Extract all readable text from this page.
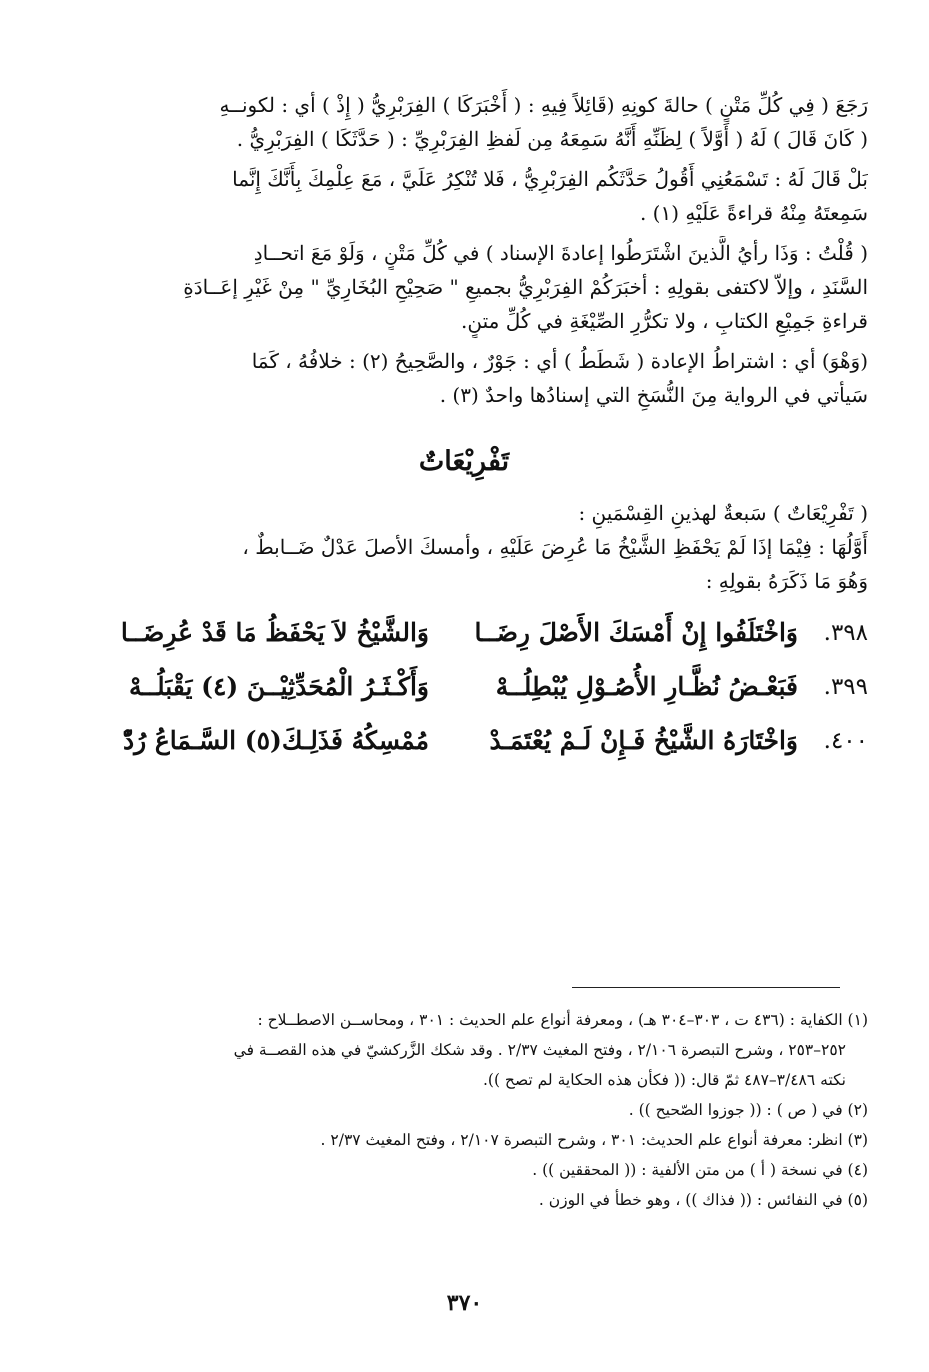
رَجَعَ ( فِي كُلِّ مَتْنٍ ) حالةَ كونِهِ (قَائِلاً فِيهِ : ( أَخْبَرَكَا ) الفِرَبْرِيُّ ( إِذْ ) أي : لكونــهِ

( كَانَ قَالَ ) لَهُ ( أَوَّلاً ) لِظَنِّهِ أَنَّهُ سَمِعَهُ مِن لَفظِ الفِرَبْرِيِّ : ( حَدَّثَكَا ) الفِرَبْرِيُّ .

بَلْ قَالَ لَهُ : تَسْمَعُنِي أَقُولُ حَدَّثَكُم الفِرَبْرِيُّ ، فَلا تُنْكِرُ عَلَيَّ ، مَعَ عِلْمِكَ بِأَنَّكَ إِنَّما

سَمِعتَهُ مِنْهُ قراءةً عَلَيْهِ (١) .

( قُلْتُ : وَذَا رأيُ الَّذينَ اشْتَرَطُوا إعادةَ الإسناد ) في كُلِّ مَتْنٍ ، وَلَوْ مَعَ اتحــادِ

السَّنَدِ ، وإلاّ لاكتفى بقولِهِ : أخبَرَكُمْ الفِرَبْرِيُّ بجميعِ " صَحِيْحِ البُخَارِيِّ " مِنْ غَيْرِ إعَــادَةِ

قراءةِ جَمِيْعِ الكتابِ ، ولا تكرُّرِ الصِّيْغَةِ في كُلِّ متنٍ.

(وَهْوَ) أي : اشتراطُ الإعادة ( شَطَطُ ) أي : جَوْرٌ ، والصَّحِيحُ (٢) : خلافُهُ ، كَمَا

سَيأتي في الرواية مِنَ النُّسَخِ التي إسنادُها واحدٌ (٣) .

تَفْرِيْعَاتٌ

( تَفْرِيْعَاتٌ ) سَبعةٌ لهذينِ القِسْمَينِ :

أَوَّلُهَا : فِيْمَا إذَا لَمْ يَحْفَظِ الشَّيْخُ مَا عُرِضَ عَلَيْهِ ، وأمسكَ الأصلَ عَدْلٌ ضَــابطٌ ،

وَهُوَ مَا ذَكَرَهُ بقولِهِ :

٣٩٨.
وَاخْتَلَفُوا إِنْ أَمْسَكَ الأَصْلَ رِضَــا
وَالشَّيْخُ لاَ يَحْفَظُ مَا قَدْ عُرِضَــا
٣٩٩.
فَبَعْـضُ نُظَّـارِ الأُصُـوْلِ يُبْطِلُــهْ
وَأَكْـثَـرُ الْمُحَدِّثِيْــنَ (٤) يَقْبَلُــهْ
٤٠٠.
وَاخْتَارَهُ الشَّيْخُ فَـإِنْ لَـمْ يُعْتَمَـدْ
مُمْسِكُهُ فَذَلِـكَ(٥) السَّـمَاعُ رُدّْ

(١) الكفاية : (٤٣٦ ت ، ٣٠٣–٣٠٤ هـ) ، ومعرفة أنواع علم الحديث : ٣٠١ ، ومحاســن الاصطــلاح :

٢٥٢–٢٥٣ ، وشرح التبصرة ٢/١٠٦ ، وفتح المغيث ٢/٣٧ . وقد شكك الزَّركشيّ في هذه القصــة في

نكته ٣/٤٨٦–٤٨٧ ثمّ قال: (( فكأن هذه الحكاية لم تصح )).

(٢) في ( ص ) : (( جوزوا الصّحيح )) .

(٣) انظر: معرفة أنواع علم الحديث: ٣٠١ ، وشرح التبصرة ٢/١٠٧ ، وفتح المغيث ٢/٣٧ .

(٤) في نسخة ( أ ) من متن الألفية : (( المحققين )) .

(٥) في النفائس : (( فذاك )) ، وهو خطأ في الوزن .

٣٧٠
